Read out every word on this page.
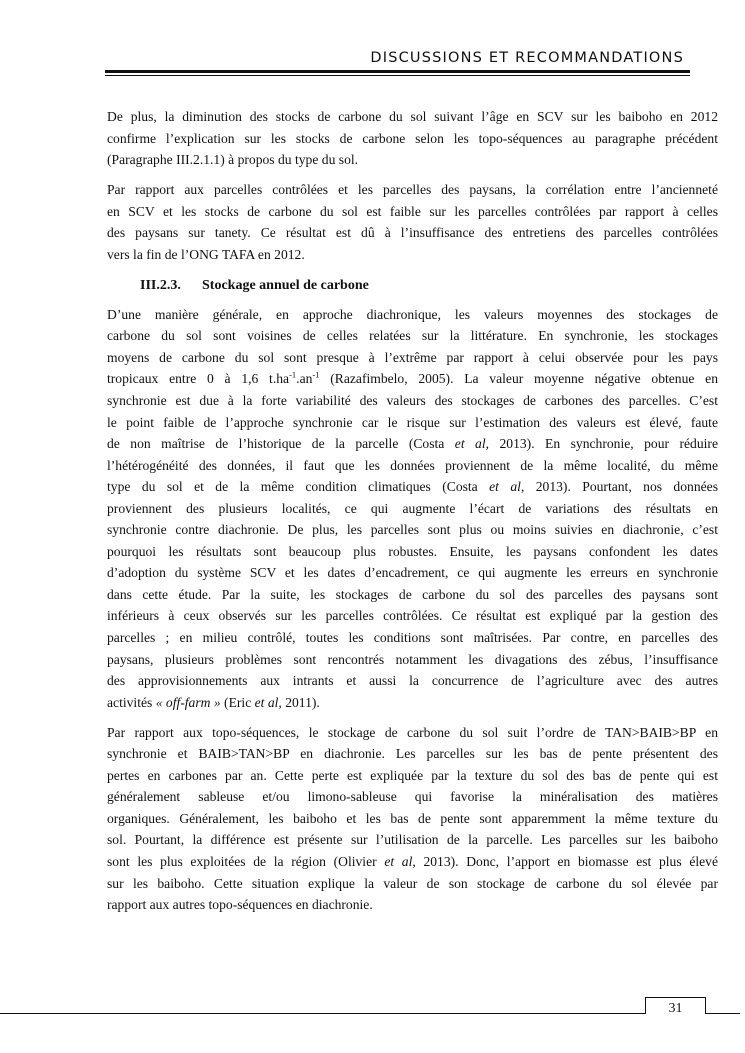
DISCUSSIONS ET RECOMMANDATIONS
De plus, la diminution des stocks de carbone du sol suivant l’âge en SCV sur les baiboho en 2012
confirme l’explication sur les stocks de carbone selon les topo-séquences au paragraphe précédent
(Paragraphe III.2.1.1) à propos du type du sol.
Par rapport aux parcelles contrôlées et les parcelles des paysans, la corrélation entre l’ancienneté
en SCV et les stocks de carbone du sol est faible sur les parcelles contrôlées par rapport à celles
des paysans sur tanety. Ce résultat est dû à l’insuffisance des entretiens des parcelles contrôlées
vers la fin de l’ONG TAFA en 2012.
III.2.3. Stockage annuel de carbone
D’une manière générale, en approche diachronique, les valeurs moyennes des stockages de
carbone du sol sont voisines de celles relatées sur la littérature. En synchronie, les stockages
moyens de carbone du sol sont presque à l’extrême par rapport à celui observée pour les pays
tropicaux entre 0 à 1,6 $t.ha^{-1}.an^{-1}$ (Razafimbelo, 2005). La valeur moyenne négative obtenue en
synchronie est due à la forte variabilité des valeurs des stockages de carbones des parcelles. C’est
le point faible de l’approche synchronie car le risque sur l’estimation des valeurs est élevé, faute
de non maîtrise de l’historique de la parcelle (Costa et al, 2013). En synchronie, pour réduire
l’hétérogénéité des données, il faut que les données proviennent de la même localité, du même
type du sol et de la même condition climatiques (Costa et al, 2013). Pourtant, nos données
proviennent des plusieurs localités, ce qui augmente l’écart de variations des résultats en
synchronie contre diachronie. De plus, les parcelles sont plus ou moins suivies en diachronie, c’est
pourquoi les résultats sont beaucoup plus robustes. Ensuite, les paysans confondent les dates
d’adoption du système SCV et les dates d’encadrement, ce qui augmente les erreurs en synchronie
dans cette étude. Par la suite, les stockages de carbone du sol des parcelles des paysans sont
inférieurs à ceux observés sur les parcelles contrôlées. Ce résultat est expliqué par la gestion des
parcelles ; en milieu contrôlé, toutes les conditions sont maîtrisées. Par contre, en parcelles des
paysans, plusieurs problèmes sont rencontrés notamment les divagations des zébus, l’insuffisance
des approvisionnements aux intrants et aussi la concurrence de l’agriculture avec des autres
activités « off-farm » (Eric et al, 2011).
Par rapport aux topo-séquences, le stockage de carbone du sol suit l’ordre de TAN>BAIB>BP en
synchronie et BAIB>TAN>BP en diachronie. Les parcelles sur les bas de pente présentent des
pertes en carbones par an. Cette perte est expliquée par la texture du sol des bas de pente qui est
généralement sableuse et/ou limono-sableuse qui favorise la minéralisation des matières
organiques. Généralement, les baiboho et les bas de pente sont apparemment la même texture du
sol. Pourtant, la différence est présente sur l’utilisation de la parcelle. Les parcelles sur les baiboho
sont les plus exploitées de la région (Olivier et al, 2013). Donc, l’apport en biomasse est plus élevé
sur les baiboho. Cette situation explique la valeur de son stockage de carbone du sol élevée par
rapport aux autres topo-séquences en diachronie.
31
